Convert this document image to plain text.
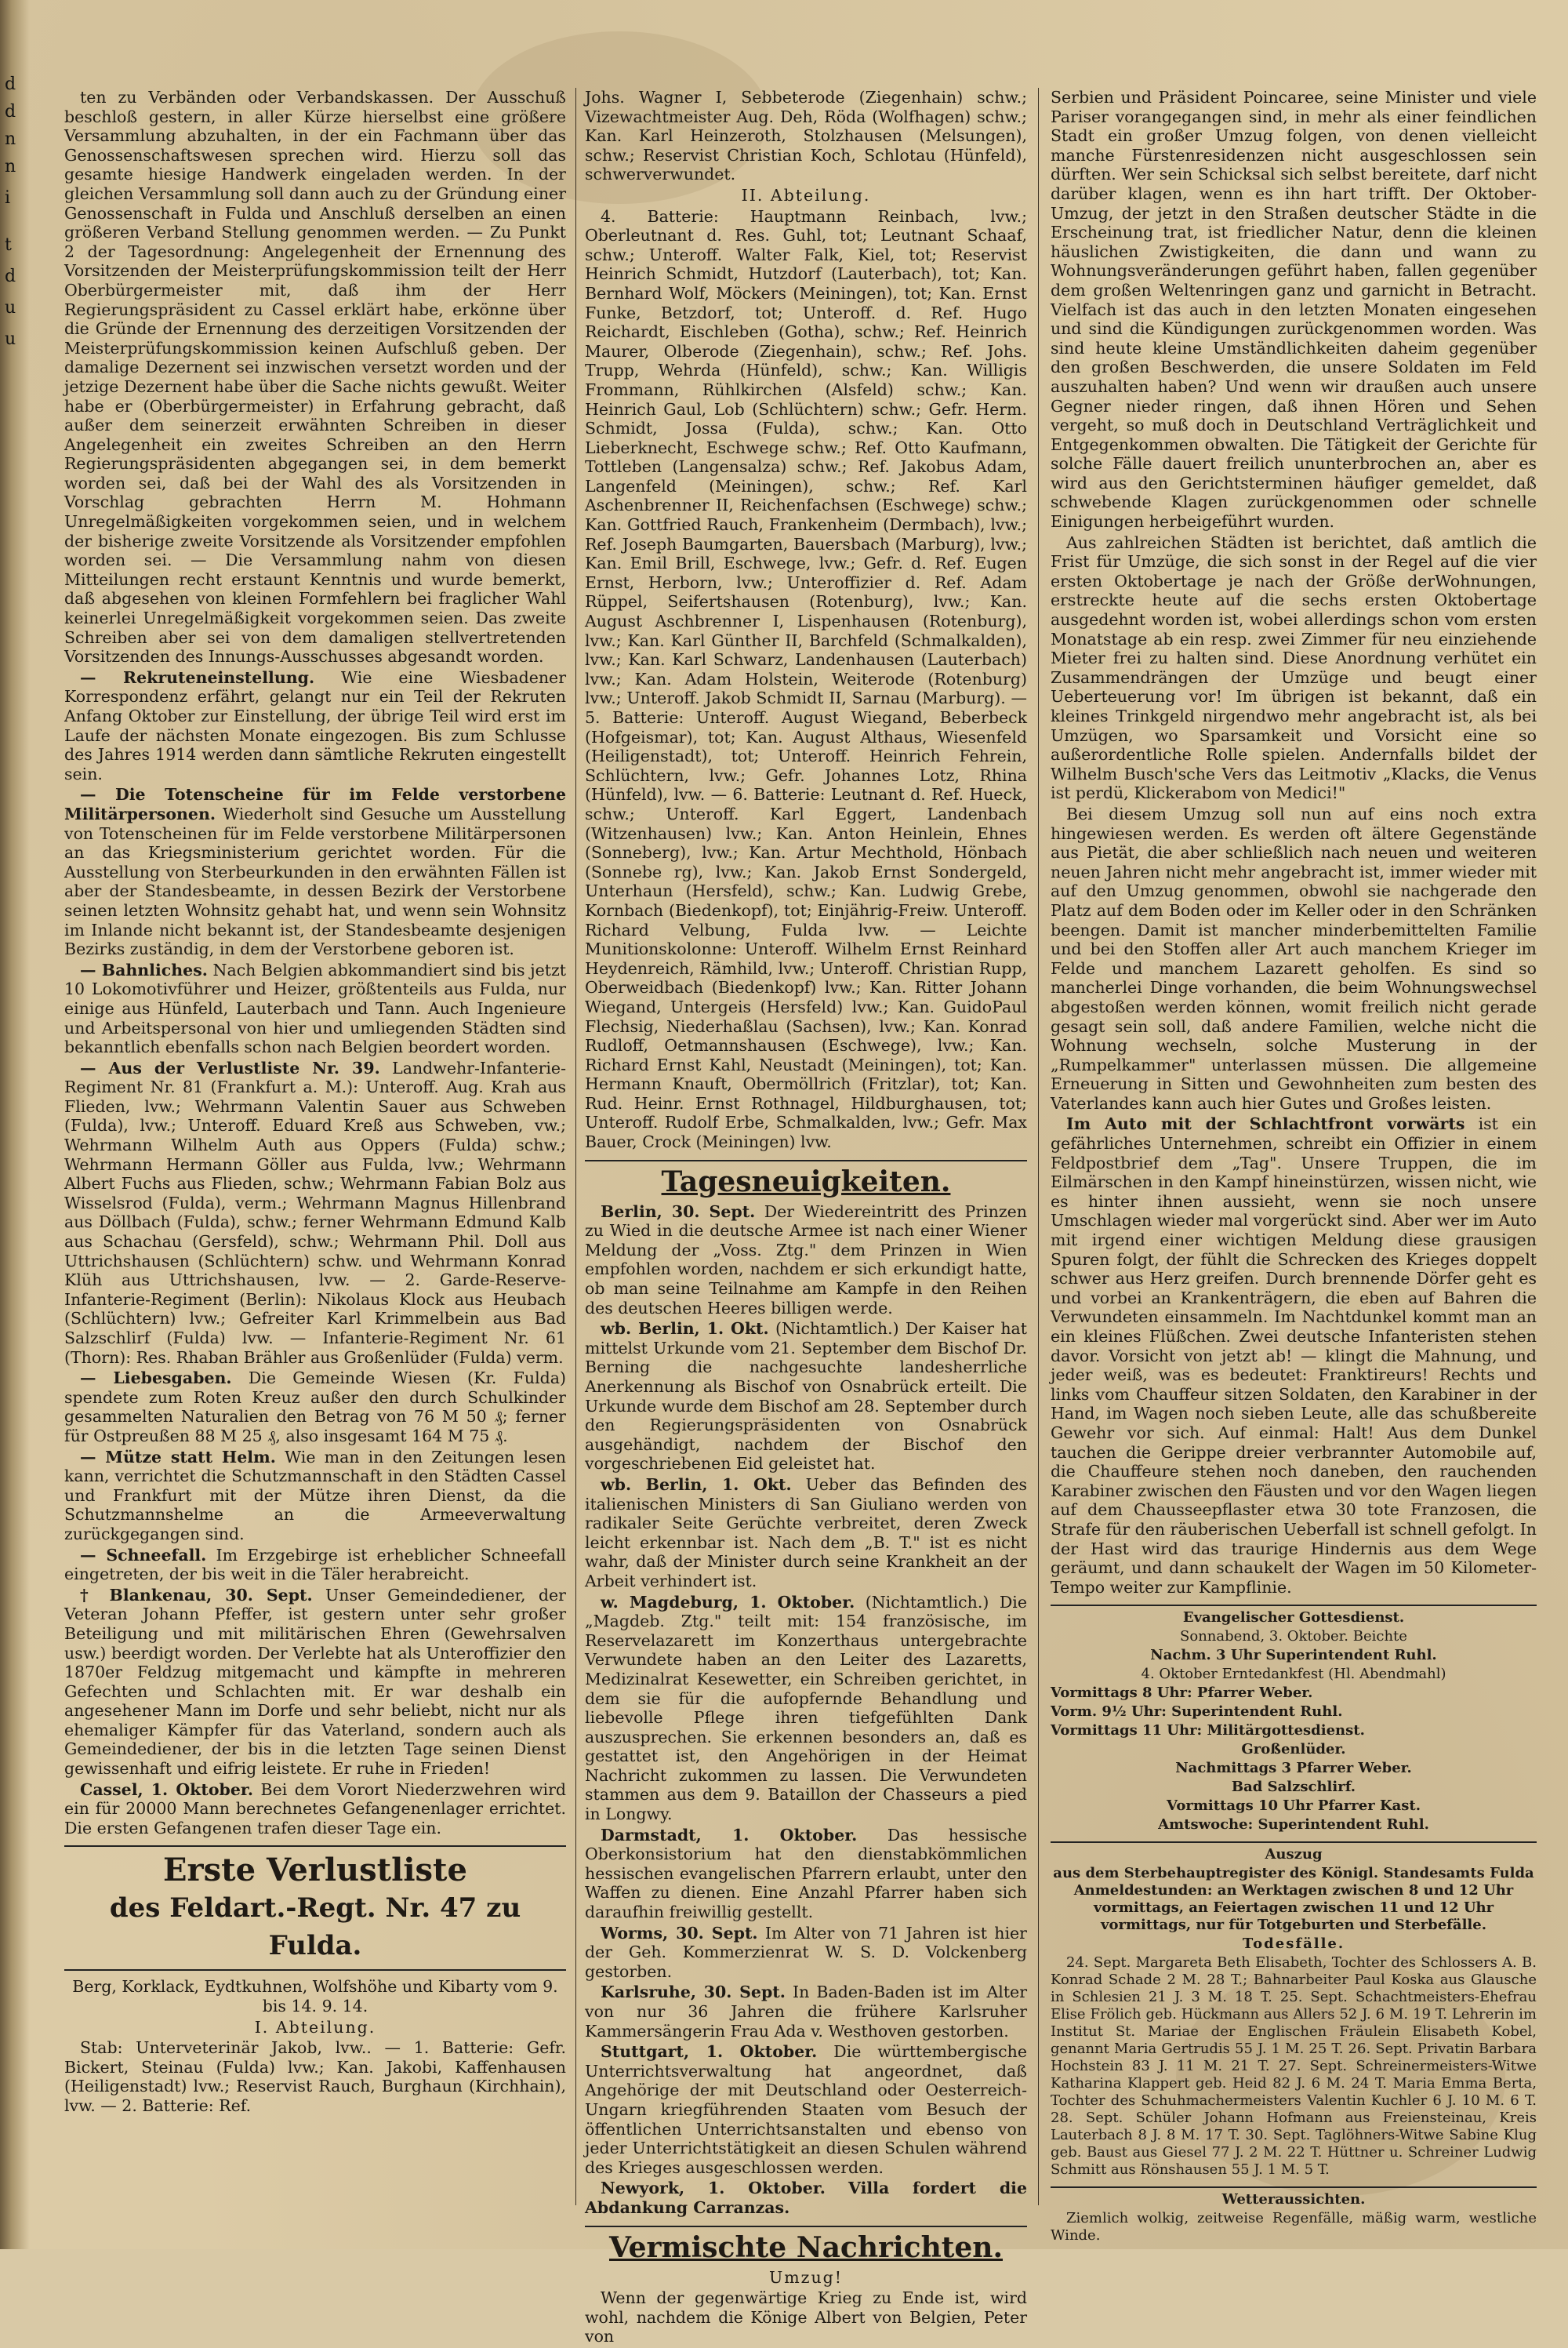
d
d
n
n
i
t
d
u
u

ten zu Verbänden oder Verbandskassen. Der Ausschuß beschloß gestern, in aller Kürze hierselbst eine größere Versammlung abzuhalten, in der ein Fachmann über das Genossenschaftswesen sprechen wird. Hierzu soll das gesamte hiesige Handwerk eingeladen werden. In der gleichen Versammlung soll dann auch zu der Gründung einer Genossenschaft in Fulda und Anschluß derselben an einen größeren Verband Stellung genommen werden. — Zu Punkt 2 der Tagesordnung: Angelegenheit der Ernennung des Vorsitzenden der Meisterprüfungskommission teilt der Herr Oberbürgermeister mit, daß ihm der Herr Regierungspräsident zu Cassel erklärt habe, erkönne über die Gründe der Ernennung des derzeitigen Vorsitzenden der Meisterprüfungskommission keinen Aufschluß geben. Der damalige Dezernent sei inzwischen versetzt worden und der jetzige Dezernent habe über die Sache nichts gewußt. Weiter habe er (Oberbürgermeister) in Erfahrung gebracht, daß außer dem seinerzeit erwähnten Schreiben in dieser Angelegenheit ein zweites Schreiben an den Herrn Regierungspräsidenten abgegangen sei, in dem bemerkt worden sei, daß bei der Wahl des als Vorsitzenden in Vorschlag gebrachten Herrn M. Hohmann Unregelmäßigkeiten vorgekommen seien, und in welchem der bisherige zweite Vorsitzende als Vorsitzender empfohlen worden sei. — Die Versammlung nahm von diesen Mitteilungen recht erstaunt Kenntnis und wurde bemerkt, daß abgesehen von kleinen Formfehlern bei fraglicher Wahl keinerlei Unregelmäßigkeit vorgekommen seien. Das zweite Schreiben aber sei von dem damaligen stellvertretenden Vorsitzenden des Innungs-Ausschusses abgesandt worden.

— Rekruteneinstellung. Wie eine Wiesbadener Korrespondenz erfährt, gelangt nur ein Teil der Rekruten Anfang Oktober zur Einstellung, der übrige Teil wird erst im Laufe der nächsten Monate eingezogen. Bis zum Schlusse des Jahres 1914 werden dann sämtliche Rekruten eingestellt sein.

— Die Totenscheine für im Felde verstorbene Militärpersonen. Wiederholt sind Gesuche um Ausstellung von Totenscheinen für im Felde verstorbene Militärpersonen an das Kriegsministerium gerichtet worden. Für die Ausstellung von Sterbeurkunden in den erwähnten Fällen ist aber der Standesbeamte, in dessen Bezirk der Verstorbene seinen letzten Wohnsitz gehabt hat, und wenn sein Wohnsitz im Inlande nicht bekannt ist, der Standesbeamte desjenigen Bezirks zuständig, in dem der Verstorbene geboren ist.

— Bahnliches. Nach Belgien abkommandiert sind bis jetzt 10 Lokomotivführer und Heizer, größtenteils aus Fulda, nur einige aus Hünfeld, Lauterbach und Tann. Auch Ingenieure und Arbeitspersonal von hier und umliegenden Städten sind bekanntlich ebenfalls schon nach Belgien beordert worden.

— Aus der Verlustliste Nr. 39. Landwehr-Infanterie-Regiment Nr. 81 (Frankfurt a. M.): Unteroff. Aug. Krah aus Flieden, lvw.; Wehrmann Valentin Sauer aus Schweben (Fulda), lvw.; Unteroff. Eduard Kreß aus Schweben, vw.; Wehrmann Wilhelm Auth aus Oppers (Fulda) schw.; Wehrmann Hermann Göller aus Fulda, lvw.; Wehrmann Albert Fuchs aus Flieden, schw.; Wehrmann Fabian Bolz aus Wisselsrod (Fulda), verm.; Wehrmann Magnus Hillenbrand aus Döllbach (Fulda), schw.; ferner Wehrmann Edmund Kalb aus Schachau (Gersfeld), schw.; Wehrmann Phil. Doll aus Uttrichshausen (Schlüchtern) schw. und Wehrmann Konrad Klüh aus Uttrichshausen, lvw. — 2. Garde-Reserve-Infanterie-Regiment (Berlin): Nikolaus Klock aus Heubach (Schlüchtern) lvw.; Gefreiter Karl Krimmelbein aus Bad Salzschlirf (Fulda) lvw. — Infanterie-Regiment Nr. 61 (Thorn): Res. Rhaban Brähler aus Großenlüder (Fulda) verm.

— Liebesgaben. Die Gemeinde Wiesen (Kr. Fulda) spendete zum Roten Kreuz außer den durch Schulkinder gesammelten Naturalien den Betrag von 76 M 50 ₰; ferner für Ostpreußen 88 M 25 ₰, also insgesamt 164 M 75 ₰.

— Mütze statt Helm. Wie man in den Zeitungen lesen kann, verrichtet die Schutzmannschaft in den Städten Cassel und Frankfurt mit der Mütze ihren Dienst, da die Schutzmannshelme an die Armeeverwaltung zurückgegangen sind.

— Schneefall. Im Erzgebirge ist erheblicher Schneefall eingetreten, der bis weit in die Täler herabreicht.

† Blankenau, 30. Sept. Unser Gemeindediener, der Veteran Johann Pfeffer, ist gestern unter sehr großer Beteiligung und mit militärischen Ehren (Gewehrsalven usw.) beerdigt worden. Der Verlebte hat als Unteroffizier den 1870er Feldzug mitgemacht und kämpfte in mehreren Gefechten und Schlachten mit. Er war deshalb ein angesehener Mann im Dorfe und sehr beliebt, nicht nur als ehemaliger Kämpfer für das Vaterland, sondern auch als Gemeindediener, der bis in die letzten Tage seinen Dienst gewissenhaft und eifrig leistete. Er ruhe in Frieden!

Cassel, 1. Oktober. Bei dem Vorort Niederzwehren wird ein für 20000 Mann berechnetes Gefangenenlager errichtet. Die ersten Gefangenen trafen dieser Tage ein.

Erste Verlustliste
des Feldart.-Regt. Nr. 47 zu Fulda.

Berg, Korklack, Eydtkuhnen, Wolfshöhe und Kibarty vom 9. bis 14. 9. 14.

I. Abteilung.

Stab: Unterveterinär Jakob, lvw.. — 1. Batterie: Gefr. Bickert, Steinau (Fulda) lvw.; Kan. Jakobi, Kaffenhausen (Heiligenstadt) lvw.; Reservist Rauch, Burghaun (Kirchhain), lvw. — 2. Batterie: Ref.

Johs. Wagner I, Sebbeterode (Ziegenhain) schw.; Vizewachtmeister Aug. Deh, Röda (Wolfhagen) schw.; Kan. Karl Heinzeroth, Stolzhausen (Melsungen), schw.; Reservist Christian Koch, Schlotau (Hünfeld), schwerverwundet.

II. Abteilung.

4. Batterie: Hauptmann Reinbach, lvw.; Oberleutnant d. Res. Guhl, tot; Leutnant Schaaf, schw.; Unteroff. Walter Falk, Kiel, tot; Reservist Heinrich Schmidt, Hutzdorf (Lauterbach), tot; Kan. Bernhard Wolf, Möckers (Meiningen), tot; Kan. Ernst Funke, Betzdorf, tot; Unteroff. d. Ref. Hugo Reichardt, Eischleben (Gotha), schw.; Ref. Heinrich Maurer, Olberode (Ziegenhain), schw.; Ref. Johs. Trupp, Wehrda (Hünfeld), schw.; Kan. Willigis Frommann, Rühlkirchen (Alsfeld) schw.; Kan. Heinrich Gaul, Lob (Schlüchtern) schw.; Gefr. Herm. Schmidt, Jossa (Fulda), schw.; Kan. Otto Lieberknecht, Eschwege schw.; Ref. Otto Kaufmann, Tottleben (Langensalza) schw.; Ref. Jakobus Adam, Langenfeld (Meiningen), schw.; Ref. Karl Aschenbrenner II, Reichenfachsen (Eschwege) schw.; Kan. Gottfried Rauch, Frankenheim (Dermbach), lvw.; Ref. Joseph Baumgarten, Bauersbach (Marburg), lvw.; Kan. Emil Brill, Eschwege, lvw.; Gefr. d. Ref. Eugen Ernst, Herborn, lvw.; Unteroffizier d. Ref. Adam Rüppel, Seifertshausen (Rotenburg), lvw.; Kan. August Aschbrenner I, Lispenhausen (Rotenburg), lvw.; Kan. Karl Günther II, Barchfeld (Schmalkalden), lvw.; Kan. Karl Schwarz, Landenhausen (Lauterbach) lvw.; Kan. Adam Holstein, Weiterode (Rotenburg) lvw.; Unteroff. Jakob Schmidt II, Sarnau (Marburg). — 5. Batterie: Unteroff. August Wiegand, Beberbeck (Hofgeismar), tot; Kan. August Althaus, Wiesenfeld (Heiligenstadt), tot; Unteroff. Heinrich Fehrein, Schlüchtern, lvw.; Gefr. Johannes Lotz, Rhina (Hünfeld), lvw. — 6. Batterie: Leutnant d. Ref. Hueck, schw.; Unteroff. Karl Eggert, Landenbach (Witzenhausen) lvw.; Kan. Anton Heinlein, Ehnes (Sonneberg), lvw.; Kan. Artur Mechthold, Hönbach (Sonnebe rg), lvw.; Kan. Jakob Ernst Sondergeld, Unterhaun (Hersfeld), schw.; Kan. Ludwig Grebe, Kornbach (Biedenkopf), tot; Einjährig-Freiw. Unteroff. Richard Velbung, Fulda lvw. — Leichte Munitionskolonne: Unteroff. Wilhelm Ernst Reinhard Heydenreich, Rämhild, lvw.; Unteroff. Christian Rupp, Oberweidbach (Biedenkopf) lvw.; Kan. Ritter Johann Wiegand, Untergeis (Hersfeld) lvw.; Kan. GuidoPaul Flechsig, Niederhaßlau (Sachsen), lvw.; Kan. Konrad Rudloff, Oetmannshausen (Eschwege), lvw.; Kan. Richard Ernst Kahl, Neustadt (Meiningen), tot; Kan. Hermann Knauft, Obermöllrich (Fritzlar), tot; Kan. Rud. Heinr. Ernst Rothnagel, Hildburghausen, tot; Unteroff. Rudolf Erbe, Schmalkalden, lvw.; Gefr. Max Bauer, Crock (Meiningen) lvw.

Tagesneuigkeiten.

Berlin, 30. Sept. Der Wiedereintritt des Prinzen zu Wied in die deutsche Armee ist nach einer Wiener Meldung der „Voss. Ztg." dem Prinzen in Wien empfohlen worden, nachdem er sich erkundigt hatte, ob man seine Teilnahme am Kampfe in den Reihen des deutschen Heeres billigen werde.

wb. Berlin, 1. Okt. (Nichtamtlich.) Der Kaiser hat mittelst Urkunde vom 21. September dem Bischof Dr. Berning die nachgesuchte landesherrliche Anerkennung als Bischof von Osnabrück erteilt. Die Urkunde wurde dem Bischof am 28. September durch den Regierungspräsidenten von Osnabrück ausgehändigt, nachdem der Bischof den vorgeschriebenen Eid geleistet hat.

wb. Berlin, 1. Okt. Ueber das Befinden des italienischen Ministers di San Giuliano werden von radikaler Seite Gerüchte verbreitet, deren Zweck leicht erkennbar ist. Nach dem „B. T." ist es nicht wahr, daß der Minister durch seine Krankheit an der Arbeit verhindert ist.

w. Magdeburg, 1. Oktober. (Nichtamtlich.) Die „Magdeb. Ztg." teilt mit: 154 französische, im Reservelazarett im Konzerthaus untergebrachte Verwundete haben an den Leiter des Lazaretts, Medizinalrat Kesewetter, ein Schreiben gerichtet, in dem sie für die aufopfernde Behandlung und liebevolle Pflege ihren tiefgefühlten Dank auszusprechen. Sie erkennen besonders an, daß es gestattet ist, den Angehörigen in der Heimat Nachricht zukommen zu lassen. Die Verwundeten stammen aus dem 9. Bataillon der Chasseurs a pied in Longwy.

Darmstadt, 1. Oktober. Das hessische Oberkonsistorium hat den dienstabkömmlichen hessischen evangelischen Pfarrern erlaubt, unter den Waffen zu dienen. Eine Anzahl Pfarrer haben sich daraufhin freiwillig gestellt.

Worms, 30. Sept. Im Alter von 71 Jahren ist hier der Geh. Kommerzienrat W. S. D. Volckenberg gestorben.

Karlsruhe, 30. Sept. In Baden-Baden ist im Alter von nur 36 Jahren die frühere Karlsruher Kammersängerin Frau Ada v. Westhoven gestorben.

Stuttgart, 1. Oktober. Die württembergische Unterrichtsverwaltung hat angeordnet, daß Angehörige der mit Deutschland oder Oesterreich-Ungarn kriegführenden Staaten vom Besuch der öffentlichen Unterrichtsanstalten und ebenso von jeder Unterrichtstätigkeit an diesen Schulen während des Krieges ausgeschlossen werden.

Newyork, 1. Oktober. Villa fordert die Abdankung Carranzas.

Vermischte Nachrichten.

Umzug!

Wenn der gegenwärtige Krieg zu Ende ist, wird wohl, nachdem die Könige Albert von Belgien, Peter von

Serbien und Präsident Poincaree, seine Minister und viele Pariser vorangegangen sind, in mehr als einer feindlichen Stadt ein großer Umzug folgen, von denen vielleicht manche Fürstenresidenzen nicht ausgeschlossen sein dürften. Wer sein Schicksal sich selbst bereitete, darf nicht darüber klagen, wenn es ihn hart trifft. Der Oktober-Umzug, der jetzt in den Straßen deutscher Städte in die Erscheinung trat, ist friedlicher Natur, denn die kleinen häuslichen Zwistigkeiten, die dann und wann zu Wohnungsveränderungen geführt haben, fallen gegenüber dem großen Weltenringen ganz und garnicht in Betracht. Vielfach ist das auch in den letzten Monaten eingesehen und sind die Kündigungen zurückgenommen worden. Was sind heute kleine Umständlichkeiten daheim gegenüber den großen Beschwerden, die unsere Soldaten im Feld auszuhalten haben? Und wenn wir draußen auch unsere Gegner nieder ringen, daß ihnen Hören und Sehen vergeht, so muß doch in Deutschland Verträglichkeit und Entgegenkommen obwalten. Die Tätigkeit der Gerichte für solche Fälle dauert freilich ununterbrochen an, aber es wird aus den Gerichtsterminen häufiger gemeldet, daß schwebende Klagen zurückgenommen oder schnelle Einigungen herbeigeführt wurden.

Aus zahlreichen Städten ist berichtet, daß amtlich die Frist für Umzüge, die sich sonst in der Regel auf die vier ersten Oktobertage je nach der Größe derWohnungen, erstreckte heute auf die sechs ersten Oktobertage ausgedehnt worden ist, wobei allerdings schon vom ersten Monatstage ab ein resp. zwei Zimmer für neu einziehende Mieter frei zu halten sind. Diese Anordnung verhütet ein Zusammendrängen der Umzüge und beugt einer Ueberteuerung vor! Im übrigen ist bekannt, daß ein kleines Trinkgeld nirgendwo mehr angebracht ist, als bei Umzügen, wo Sparsamkeit und Vorsicht eine so außerordentliche Rolle spielen. Andernfalls bildet der Wilhelm Busch'sche Vers das Leitmotiv „Klacks, die Venus ist perdü, Klickerabom von Medici!"

Bei diesem Umzug soll nun auf eins noch extra hingewiesen werden. Es werden oft ältere Gegenstände aus Pietät, die aber schließlich nach neuen und weiteren neuen Jahren nicht mehr angebracht ist, immer wieder mit auf den Umzug genommen, obwohl sie nachgerade den Platz auf dem Boden oder im Keller oder in den Schränken beengen. Damit ist mancher minderbemittelten Familie und bei den Stoffen aller Art auch manchem Krieger im Felde und manchem Lazarett geholfen. Es sind so mancherlei Dinge vorhanden, die beim Wohnungswechsel abgestoßen werden können, womit freilich nicht gerade gesagt sein soll, daß andere Familien, welche nicht die Wohnung wechseln, solche Musterung in der „Rumpelkammer" unterlassen müssen. Die allgemeine Erneuerung in Sitten und Gewohnheiten zum besten des Vaterlandes kann auch hier Gutes und Großes leisten.

Im Auto mit der Schlachtfront vorwärts ist ein gefährliches Unternehmen, schreibt ein Offizier in einem Feldpostbrief dem „Tag". Unsere Truppen, die im Eilmärschen in den Kampf hineinstürzen, wissen nicht, wie es hinter ihnen aussieht, wenn sie noch unsere Umschlagen wieder mal vorgerückt sind. Aber wer im Auto mit irgend einer wichtigen Meldung diese grausigen Spuren folgt, der fühlt die Schrecken des Krieges doppelt schwer aus Herz greifen. Durch brennende Dörfer geht es und vorbei an Krankenträgern, die eben auf Bahren die Verwundeten einsammeln. Im Nachtdunkel kommt man an ein kleines Flüßchen. Zwei deutsche Infanteristen stehen davor. Vorsicht von jetzt ab! — klingt die Mahnung, und jeder weiß, was es bedeutet: Franktireurs! Rechts und links vom Chauffeur sitzen Soldaten, den Karabiner in der Hand, im Wagen noch sieben Leute, alle das schußbereite Gewehr vor sich. Auf einmal: Halt! Aus dem Dunkel tauchen die Gerippe dreier verbrannter Automobile auf, die Chauffeure stehen noch daneben, den rauchenden Karabiner zwischen den Fäusten und vor den Wagen liegen auf dem Chausseepflaster etwa 30 tote Franzosen, die Strafe für den räuberischen Ueberfall ist schnell gefolgt. In der Hast wird das traurige Hindernis aus dem Wege geräumt, und dann schaukelt der Wagen im 50 Kilometer-Tempo weiter zur Kampflinie.

Evangelischer Gottesdienst.

Sonnabend, 3. Oktober. Beichte

Nachm. 3 Uhr Superintendent Ruhl.

4. Oktober Erntedankfest (Hl. Abendmahl)

Vormittags 8 Uhr: Pfarrer Weber.

Vorm. 9½ Uhr: Superintendent Ruhl.

Vormittags 11 Uhr: Militärgottesdienst.

Großenlüder.

Nachmittags 3 Pfarrer Weber.

Bad Salzschlirf.

Vormittags 10 Uhr Pfarrer Kast.

Amtswoche: Superintendent Ruhl.

Auszug

aus dem Sterbehauptregister des Königl. Standesamts Fulda Anmeldestunden: an Werktagen zwischen 8 und 12 Uhr vormittags, an Feiertagen zwischen 11 und 12 Uhr vormittags, nur für Totgeburten und Sterbefälle.

Todesfälle.

24. Sept. Margareta Beth Elisabeth, Tochter des Schlossers A. B. Konrad Schade 2 M. 28 T.; Bahnarbeiter Paul Koska aus Glausche in Schlesien 21 J. 3 M. 18 T. 25. Sept. Schachtmeisters-Ehefrau Elise Frölich geb. Hückmann aus Allers 52 J. 6 M. 19 T. Lehrerin im Institut St. Mariae der Englischen Fräulein Elisabeth Kobel, genannt Maria Gertrudis 55 J. 1 M. 25 T. 26. Sept. Privatin Barbara Hochstein 83 J. 11 M. 21 T. 27. Sept. Schreinermeisters-Witwe Katharina Klappert geb. Heid 82 J. 6 M. 24 T. Maria Emma Berta, Tochter des Schuhmachermeisters Valentin Kuchler 6 J. 10 M. 6 T. 28. Sept. Schüler Johann Hofmann aus Freiensteinau, Kreis Lauterbach 8 J. 8 M. 17 T. 30. Sept. Taglöhners-Witwe Sabine Klug geb. Baust aus Giesel 77 J. 2 M. 22 T. Hüttner u. Schreiner Ludwig Schmitt aus Rönshausen 55 J. 1 M. 5 T.

Wetteraussichten.

Ziemlich wolkig, zeitweise Regenfälle, mäßig warm, westliche Winde.
